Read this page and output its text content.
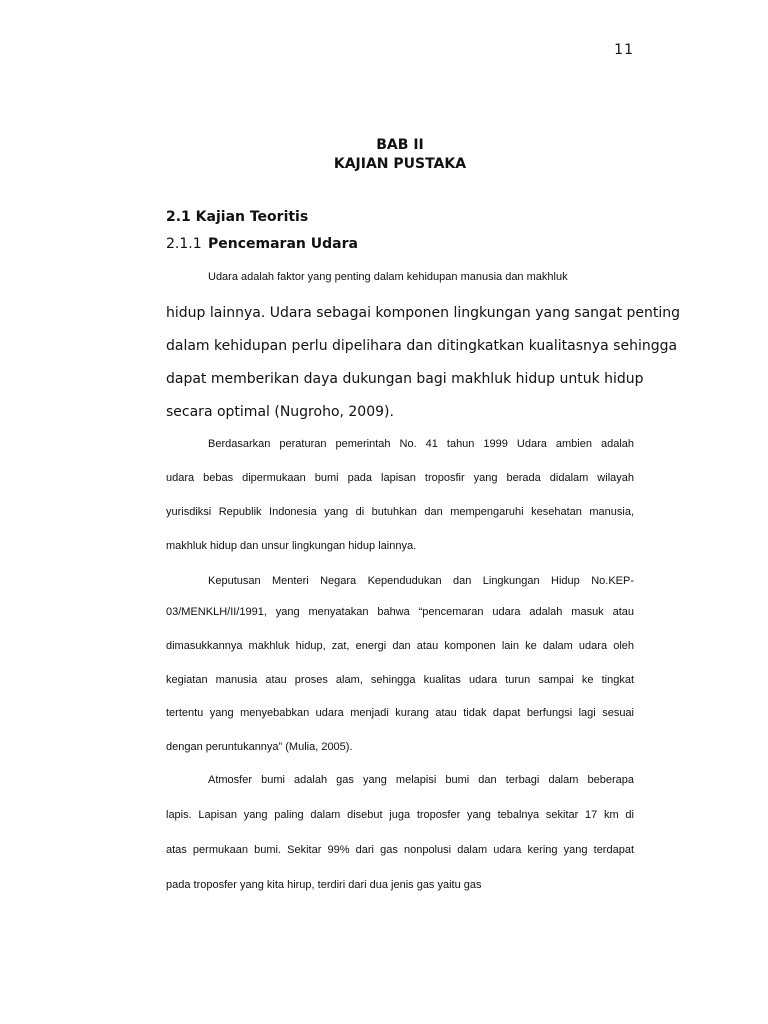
11
BAB II
KAJIAN PUSTAKA
2.1 Kajian Teoritis
2.1.1 Pencemaran Udara
Udara adalah faktor yang penting dalam kehidupan manusia dan makhluk
hidup lainnya. Udara sebagai komponen lingkungan yang sangat penting
dalam kehidupan perlu dipelihara dan ditingkatkan kualitasnya sehingga
dapat memberikan daya dukungan bagi makhluk hidup untuk hidup
secara optimal (Nugroho, 2009).
Berdasarkan peraturan pemerintah No. 41 tahun 1999 Udara ambien adalah
udara bebas dipermukaan bumi pada lapisan troposfir yang berada didalam wilayah
yurisdiksi Republik Indonesia yang di butuhkan dan mempengaruhi kesehatan manusia,
makhluk hidup dan unsur lingkungan hidup lainnya.
Keputusan Menteri Negara Kependudukan dan Lingkungan Hidup No.KEP-
03/MENKLH/II/1991, yang menyatakan bahwa “pencemaran udara adalah masuk atau
dimasukkannya makhluk hidup, zat, energi dan atau komponen lain ke dalam udara oleh
kegiatan manusia atau proses alam, sehingga kualitas udara turun sampai ke tingkat
tertentu yang menyebabkan udara menjadi kurang atau tidak dapat berfungsi lagi sesuai
dengan peruntukannya” (Mulia, 2005).
Atmosfer bumi adalah gas yang melapisi bumi dan terbagi dalam beberapa
lapis. Lapisan yang paling dalam disebut juga troposfer yang tebalnya sekitar 17 km di
atas permukaan bumi. Sekitar 99% dari gas nonpolusi dalam udara kering yang terdapat
pada troposfer yang kita hirup, terdiri dari dua jenis gas yaitu gas
